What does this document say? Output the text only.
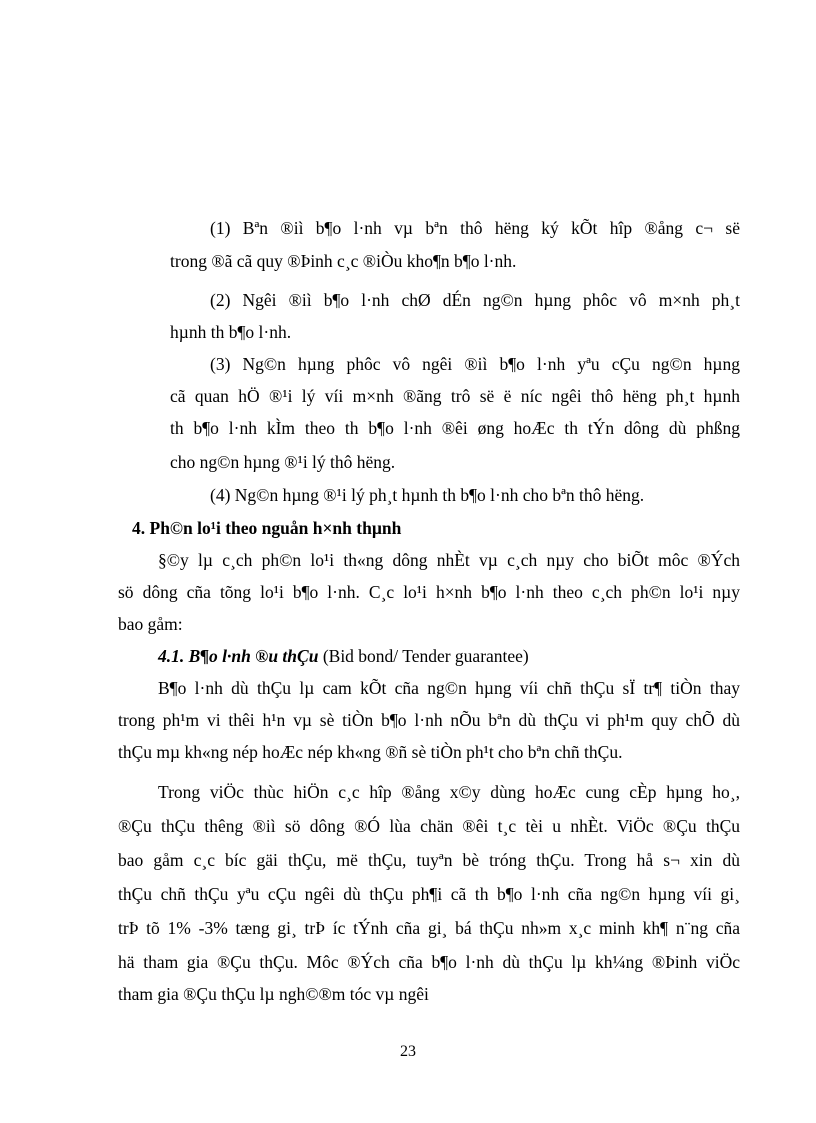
(1) Bªn ®iì b¶o l·nh vµ bªn thô hëng ký kÕt hîp ®ång c¬ së
trong ®ã cã quy ®Þinh c¸c ®iÒu kho¶n b¶o l·nh.
(2) Ngêi ®iì b¶o l·nh chØ dÉn ng©n hµng phôc vô m×nh ph¸t
hµnh th b¶o l·nh.
(3) Ng©n hµng phôc vô ngêi ®iì b¶o l·nh yªu cÇu ng©n hµng
cã quan hÖ ®¹i lý víi m×nh ®ãng trô së ë níc ngêi thô hëng ph¸t hµnh
th b¶o l·nh kÌm theo th b¶o l·nh ®êi øng hoÆc th tÝn dông dù phßng
cho ng©n hµng ®¹i lý thô hëng.
(4) Ng©n hµng ®¹i lý ph¸t hµnh th b¶o l·nh cho bªn thô hëng.
4. Ph©n lo¹i theo nguån h×nh thµnh
§©y lµ c¸ch ph©n lo¹i th«ng dông nhÈt vµ c¸ch nµy cho biÕt môc ®Ých
sö dông cña tõng lo¹i b¶o l·nh. C¸c lo¹i h×nh b¶o l·nh theo c¸ch ph©n lo¹i nµy
bao gåm:
4.1. B¶o l·nh ®u thÇu (Bid bond/ Tender guarantee)
B¶o l·nh dù thÇu lµ cam kÕt cña ng©n hµng víi chñ thÇu sÏ tr¶ tiÒn thay
trong ph¹m vi thêi h¹n vµ sè tiÒn b¶o l·nh nÕu bªn dù thÇu vi ph¹m quy chÕ dù
thÇu mµ kh«ng nép hoÆc nép kh«ng ®ñ sè tiÒn ph¹t cho bªn chñ thÇu.
Trong viÖc thùc hiÖn c¸c hîp ®ång x©y dùng hoÆc cung cÈp hµng ho¸,
®Çu thÇu thêng ®iì sö dông ®Ó lùa chän ®êi t¸c tèi u nhÈt. ViÖc ®Çu thÇu
bao gåm c¸c bíc gäi thÇu, më thÇu, tuyªn bè tróng thÇu. Trong hå s¬ xin dù
thÇu chñ thÇu yªu cÇu ngêi dù thÇu ph¶i cã th b¶o l·nh cña ng©n hµng víi gi¸
trÞ tõ 1% -3% tæng gi¸ trÞ íc tÝnh cña gi¸ bá thÇu nh»m x¸c minh kh¶ n¨ng cña
hä tham gia ®Çu thÇu. Môc ®Ých cña b¶o l·nh dù thÇu lµ kh¼ng ®Þinh viÖc
tham gia ®Çu thÇu lµ ngh©®m tóc vµ ngêi
23
